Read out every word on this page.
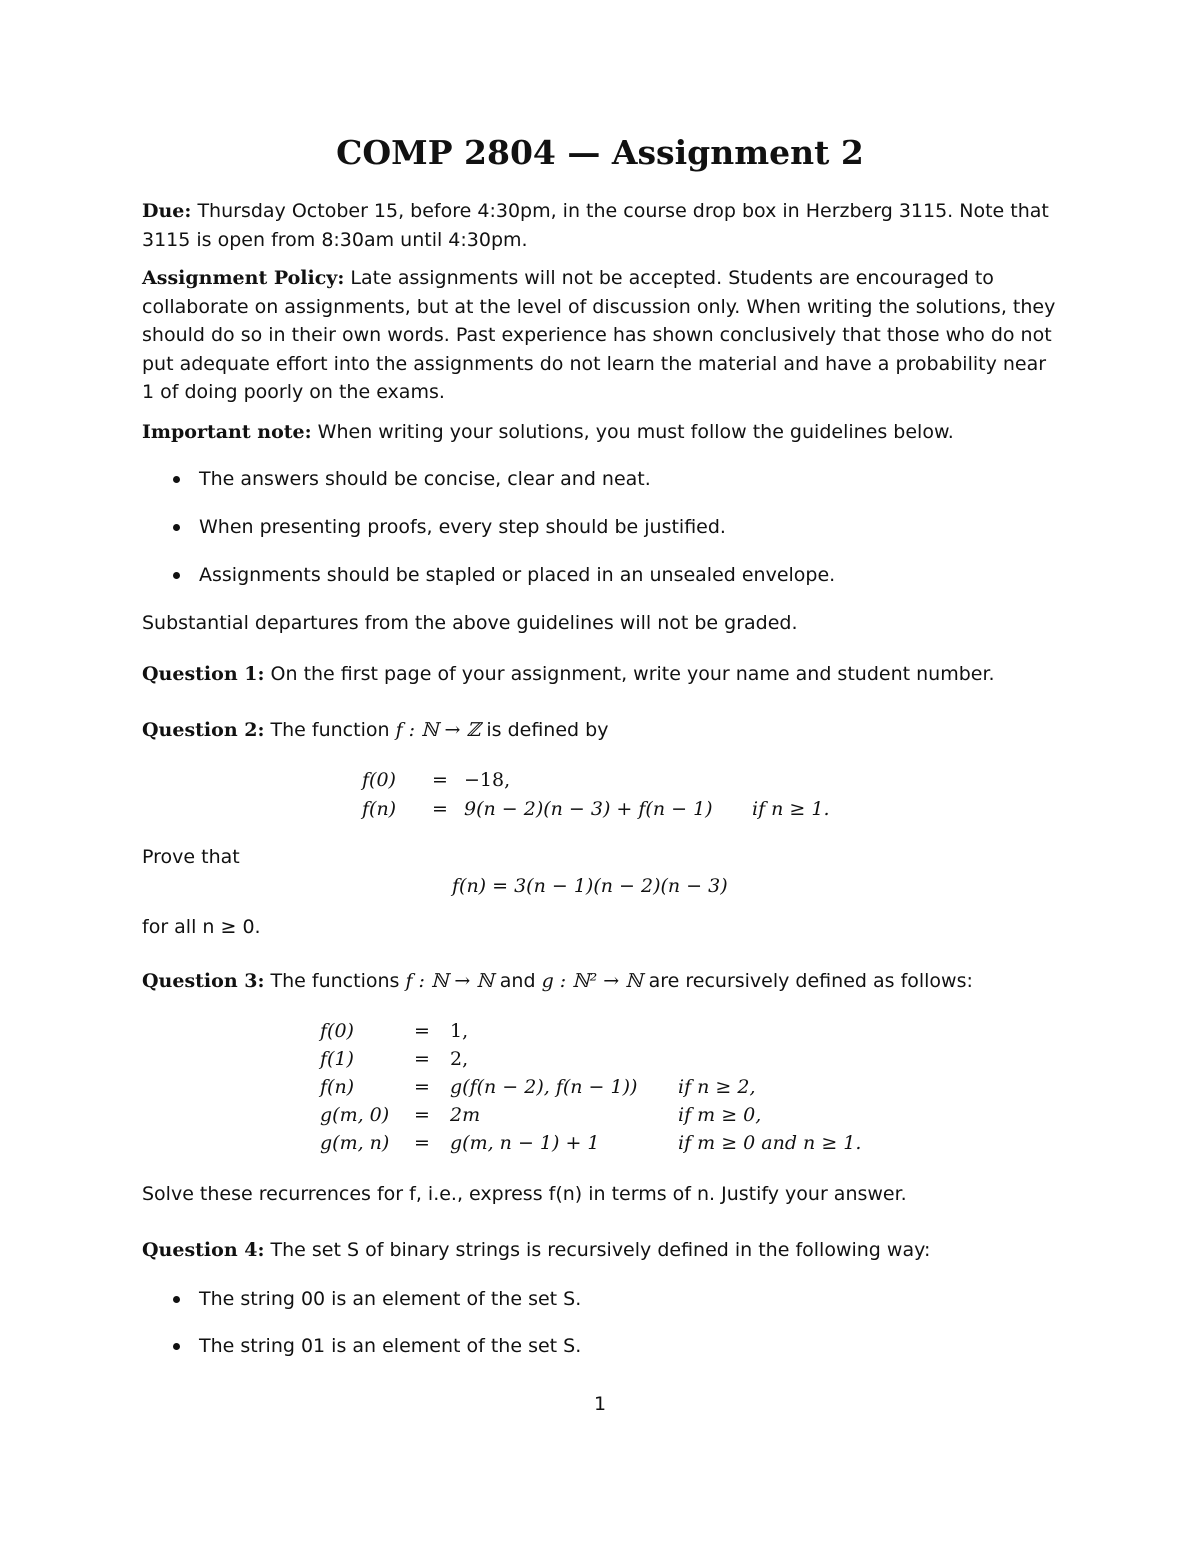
COMP 2804 — Assignment 2
Due: Thursday October 15, before 4:30pm, in the course drop box in Herzberg 3115. Note that 3115 is open from 8:30am until 4:30pm.
Assignment Policy: Late assignments will not be accepted. Students are encouraged to collaborate on assignments, but at the level of discussion only. When writing the solutions, they should do so in their own words. Past experience has shown conclusively that those who do not put adequate effort into the assignments do not learn the material and have a probability near 1 of doing poorly on the exams.
Important note: When writing your solutions, you must follow the guidelines below.
The answers should be concise, clear and neat.
When presenting proofs, every step should be justified.
Assignments should be stapled or placed in an unsealed envelope.
Substantial departures from the above guidelines will not be graded.
Question 1: On the first page of your assignment, write your name and student number.
Question 2: The function f : ℕ → ℤ is defined by
f(0) = −18,
f(n) = 9(n − 2)(n − 3) + f(n − 1) if n ≥ 1.
Prove that
f(n) = 3(n − 1)(n − 2)(n − 3)
for all n ≥ 0.
Question 3: The functions f : ℕ → ℕ and g : ℕ² → ℕ are recursively defined as follows:
f(0)	= 1,
f(1)	= 2,
f(n)	= g(f(n − 2), f(n − 1)) if n ≥ 2,
g(m, 0) = 2m	if m ≥ 0,
g(m, n) = g(m, n − 1) + 1	if m ≥ 0 and n ≥ 1.
Solve these recurrences for f, i.e., express f(n) in terms of n. Justify your answer.
Question 4: The set S of binary strings is recursively defined in the following way:
The string 00 is an element of the set S.
The string 01 is an element of the set S.
1
